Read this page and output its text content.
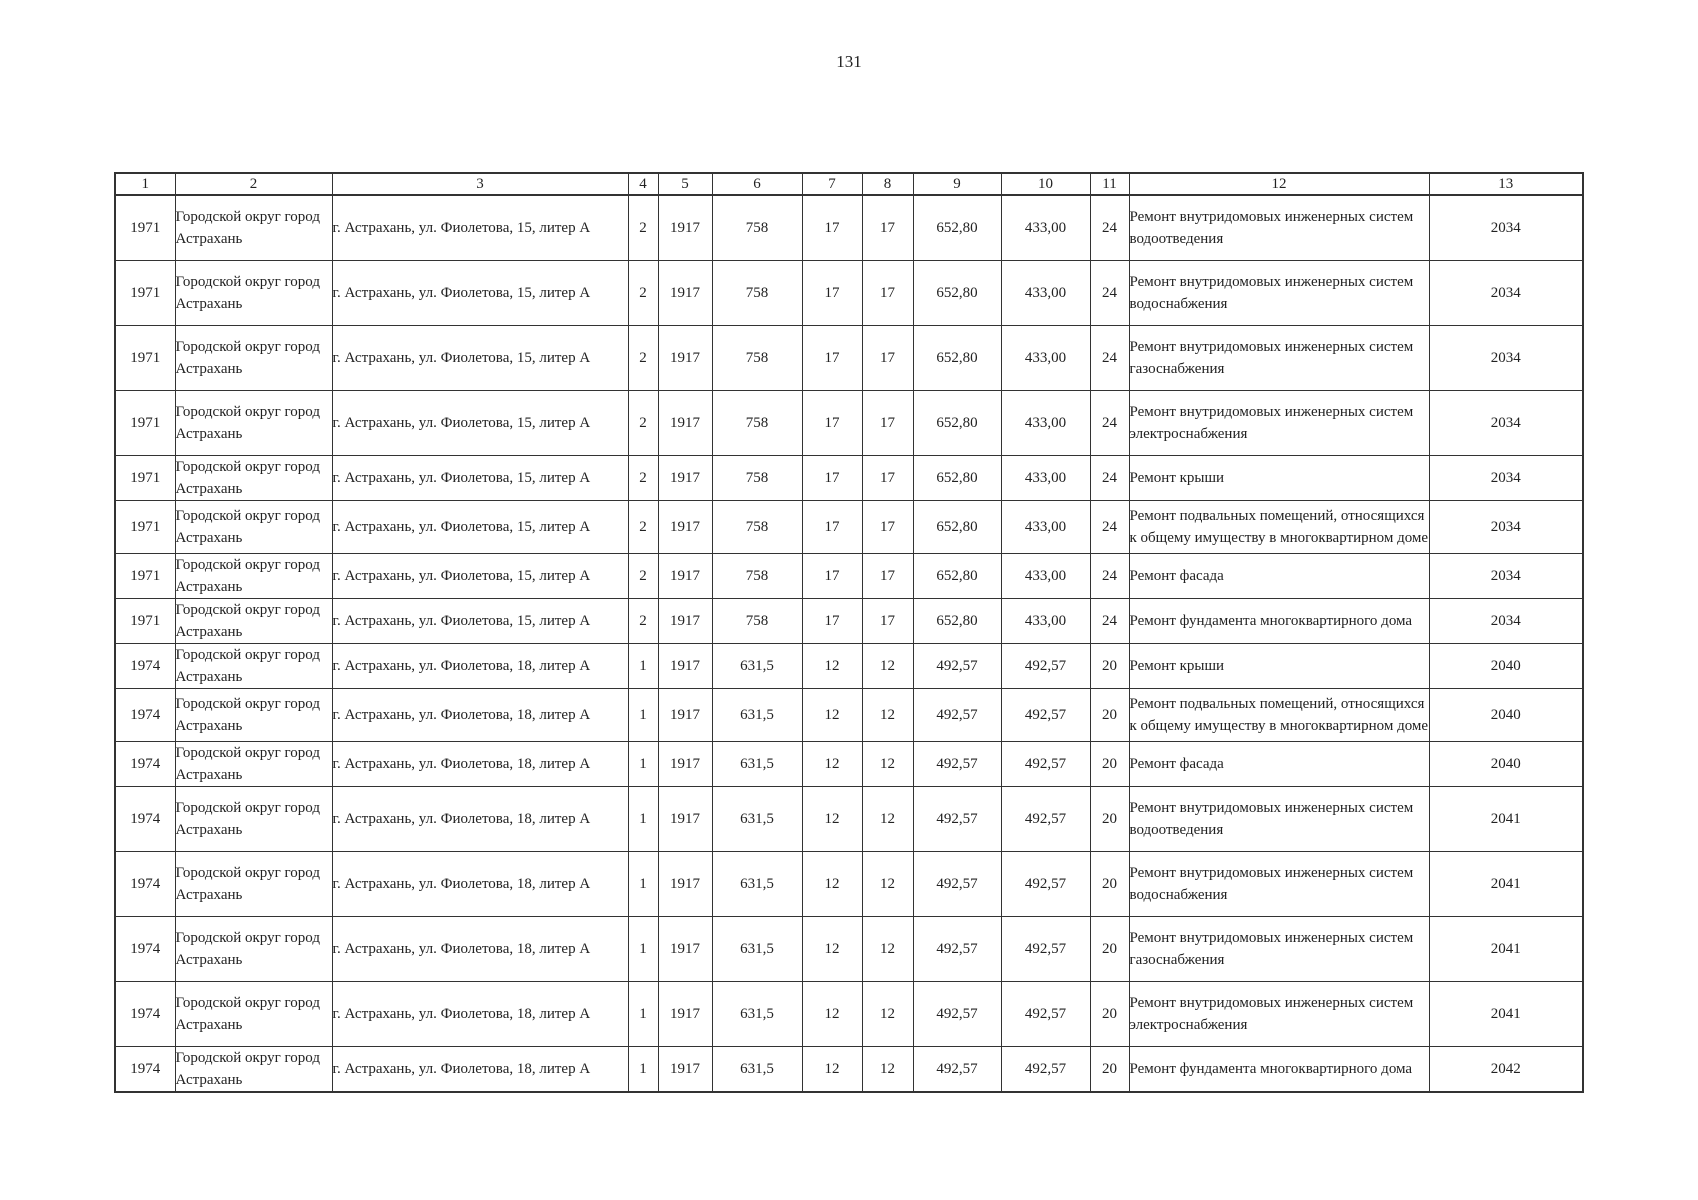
131
1	2	3	4	5	6	7	8	9	10	11	12	13
1971	Городской округ город Астрахань	г. Астрахань, ул. Фиолетова, 15, литер А	2	1917	758	17	17	652,80	433,00	24	Ремонт внутридомовых инженерных систем водоотведения	2034
1971	Городской округ город Астрахань	г. Астрахань, ул. Фиолетова, 15, литер А	2	1917	758	17	17	652,80	433,00	24	Ремонт внутридомовых инженерных систем водоснабжения	2034
1971	Городской округ город Астрахань	г. Астрахань, ул. Фиолетова, 15, литер А	2	1917	758	17	17	652,80	433,00	24	Ремонт внутридомовых инженерных систем газоснабжения	2034
1971	Городской округ город Астрахань	г. Астрахань, ул. Фиолетова, 15, литер А	2	1917	758	17	17	652,80	433,00	24	Ремонт внутридомовых инженерных систем электроснабжения	2034
1971	Городской округ город Астрахань	г. Астрахань, ул. Фиолетова, 15, литер А	2	1917	758	17	17	652,80	433,00	24	Ремонт крыши	2034
1971	Городской округ город Астрахань	г. Астрахань, ул. Фиолетова, 15, литер А	2	1917	758	17	17	652,80	433,00	24	Ремонт подвальных помещений, относящихся к общему имуществу в многоквартирном доме	2034
1971	Городской округ город Астрахань	г. Астрахань, ул. Фиолетова, 15, литер А	2	1917	758	17	17	652,80	433,00	24	Ремонт фасада	2034
1971	Городской округ город Астрахань	г. Астрахань, ул. Фиолетова, 15, литер А	2	1917	758	17	17	652,80	433,00	24	Ремонт фундамента многоквартирного дома	2034
1974	Городской округ город Астрахань	г. Астрахань, ул. Фиолетова, 18, литер А	1	1917	631,5	12	12	492,57	492,57	20	Ремонт крыши	2040
1974	Городской округ город Астрахань	г. Астрахань, ул. Фиолетова, 18, литер А	1	1917	631,5	12	12	492,57	492,57	20	Ремонт подвальных помещений, относящихся к общему имуществу в многоквартирном доме	2040
1974	Городской округ город Астрахань	г. Астрахань, ул. Фиолетова, 18, литер А	1	1917	631,5	12	12	492,57	492,57	20	Ремонт фасада	2040
1974	Городской округ город Астрахань	г. Астрахань, ул. Фиолетова, 18, литер А	1	1917	631,5	12	12	492,57	492,57	20	Ремонт внутридомовых инженерных систем водоотведения	2041
1974	Городской округ город Астрахань	г. Астрахань, ул. Фиолетова, 18, литер А	1	1917	631,5	12	12	492,57	492,57	20	Ремонт внутридомовых инженерных систем водоснабжения	2041
1974	Городской округ город Астрахань	г. Астрахань, ул. Фиолетова, 18, литер А	1	1917	631,5	12	12	492,57	492,57	20	Ремонт внутридомовых инженерных систем газоснабжения	2041
1974	Городской округ город Астрахань	г. Астрахань, ул. Фиолетова, 18, литер А	1	1917	631,5	12	12	492,57	492,57	20	Ремонт внутридомовых инженерных систем электроснабжения	2041
1974	Городской округ город Астрахань	г. Астрахань, ул. Фиолетова, 18, литер А	1	1917	631,5	12	12	492,57	492,57	20	Ремонт фундамента многоквартирного дома	2042
